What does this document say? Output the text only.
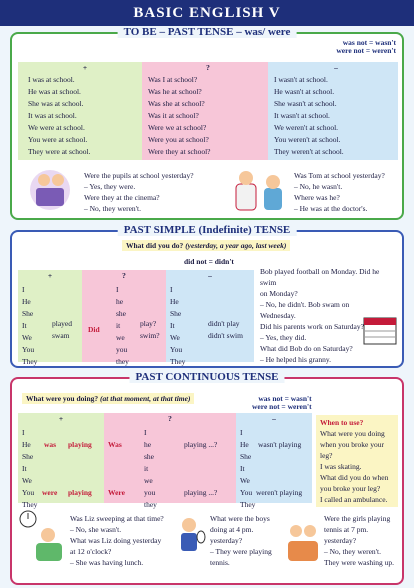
BASIC ENGLISH V
TO BE – PAST TENSE – was/ were
was not = wasn't
were not = weren't
+
I was at school.
He was at school.
She was at school.
It was at school.
We were at school.
You were at school.
They were at school.
?
Was I at school?
Was he at school?
Was she at school?
Was it at school?
Were we at school?
Were you at school?
Were they at school?
–
I wasn't at school.
He wasn't at school.
She wasn't at school.
It wasn't at school.
We weren't at school.
You weren't at school.
They weren't at school.
Were the pupils at school yesterday?
– Yes, they were.
Were they at the cinema?
– No, they weren't.
Was Tom at school yesterday?
– No, he wasn't.
Where was he?
– He was at the doctor's.
PAST SIMPLE (Indefinite) TENSE
What did you do? (yesterday, a year ago, last week)
did not = didn't
+
I
He
She
It
We
You
They
played
swam
?
Did
I
he
she
it
we
you
they
play?
swim?
–
I
He
She
It
We
You
They
didn't play
didn't swim
Bob played football on Monday. Did he swim
on Monday?
– No, he didn't. Bob swam on Wednesday.
Did his parents work on Saturday?
– Yes, they did.
What did Bob do on Saturday?
– He helped his granny.
PAST CONTINUOUS TENSE
What were you doing? (at that moment, at that time)	was not = wasn't
were not = weren't
+
I
He
She
It
We
You
They
was playing
were playing
?
Was
Were
I
he
she
it
we
you
they
playing ...?
playing ...?
–
I
He
She
It
We
You
They
wasn't playing
weren't playing
When to use?
What were you doing
when you broke your leg?
I was skating.
What did you do when
you broke your leg?
I called an ambulance.
Was Liz sweeping at that time?
– No, she wasn't.
What was Liz doing yesterday
at 12 o'clock?
– She was having lunch.
What were the boys
doing at 4 pm.
yesterday?
– They were playing
tennis.
Were the girls playing
tennis at 7 pm.
yesterday?
– No, they weren't.
They were washing up.
